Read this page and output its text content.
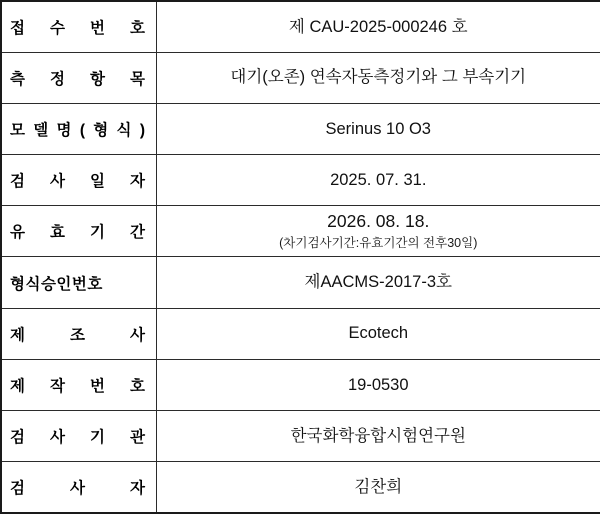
접 수 번 호	제 CAU-2025-000246 호

측 정 항 목	대기(오존) 연속자동측정기와 그 부속기기

모 델 명 ( 형 식 )	Serinus 10 O3

검 사 일 자	2025. 07. 31.

유 효 기 간	2026. 08. 18.
(차기검사기간:유효기간의 전후30일)

형식승인번호	제AACMS-2017-3호

제 조 사	Ecotech

제 작 번 호	19-0530

검 사 기 관	한국화학융합시험연구원

검 사 자	김찬희
